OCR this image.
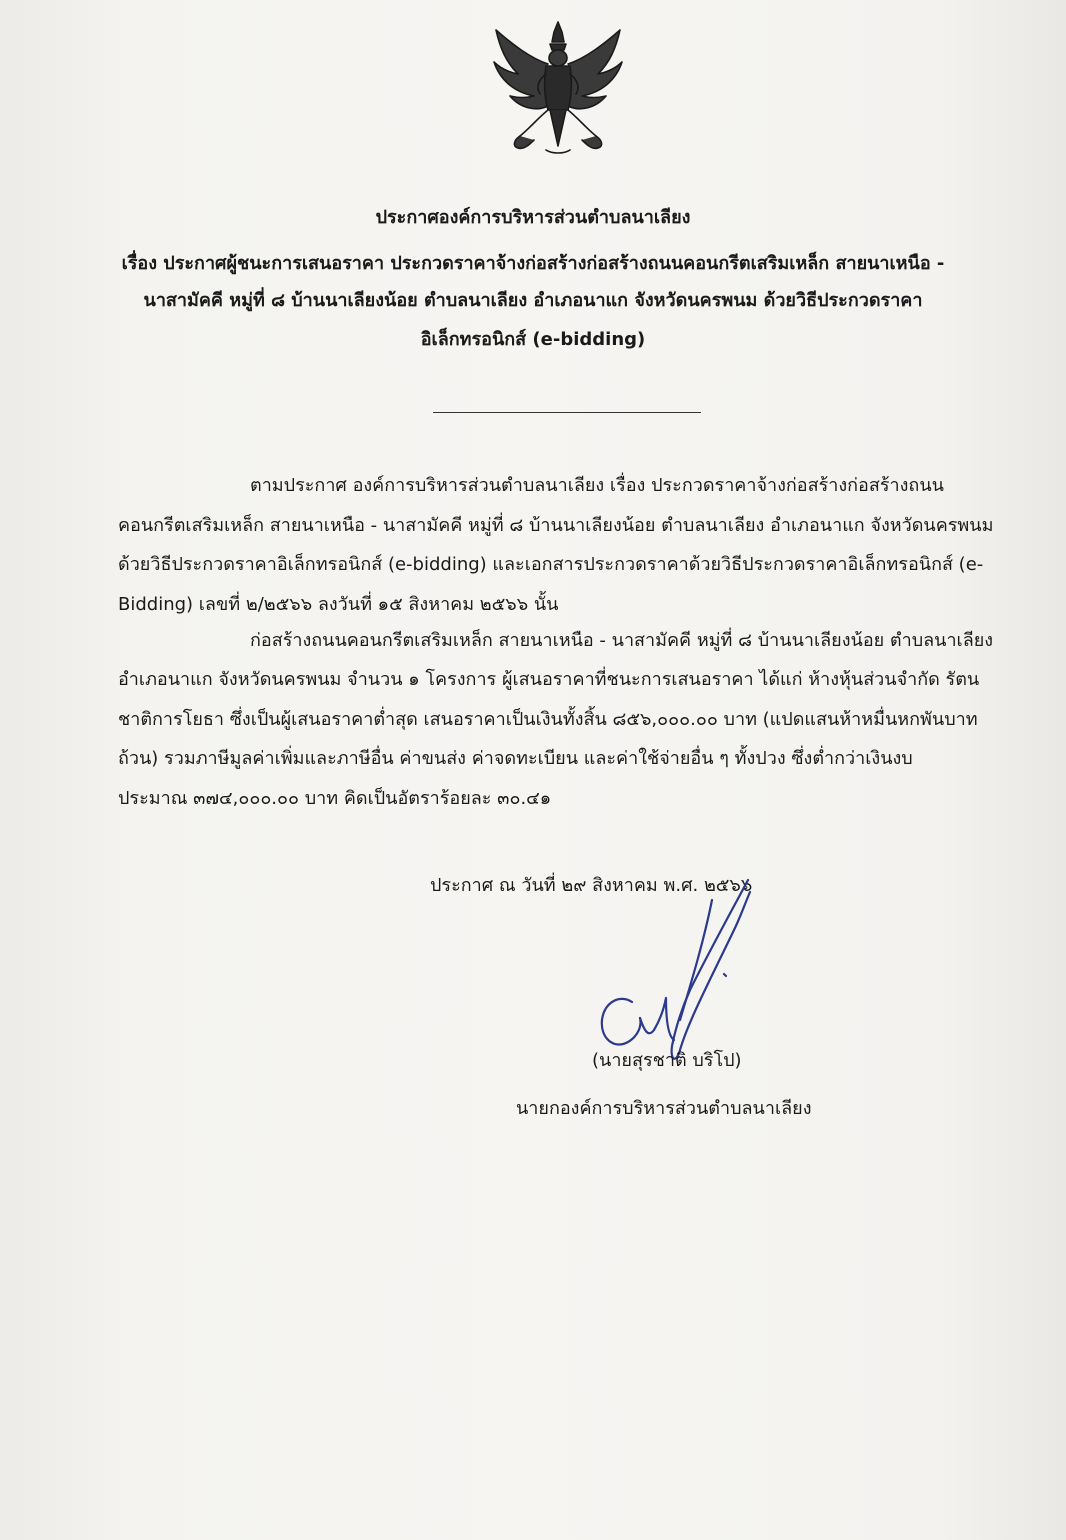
ประกาศองค์การบริหารส่วนตำบลนาเลียง
เรื่อง ประกาศผู้ชนะการเสนอราคา ประกวดราคาจ้างก่อสร้างก่อสร้างถนนคอนกรีตเสริมเหล็ก สายนาเหนือ -
นาสามัคคี หมู่ที่ ๘ บ้านนาเลียงน้อย ตำบลนาเลียง อำเภอนาแก จังหวัดนครพนม ด้วยวิธีประกวดราคา
อิเล็กทรอนิกส์ (e-bidding)
ตามประกาศ องค์การบริหารส่วนตำบลนาเลียง เรื่อง ประกวดราคาจ้างก่อสร้างก่อสร้างถนน
คอนกรีตเสริมเหล็ก สายนาเหนือ - นาสามัคคี หมู่ที่ ๘ บ้านนาเลียงน้อย ตำบลนาเลียง อำเภอนาแก จังหวัดนครพนม
ด้วยวิธีประกวดราคาอิเล็กทรอนิกส์ (e-bidding) และเอกสารประกวดราคาด้วยวิธีประกวดราคาอิเล็กทรอนิกส์ (e-
Bidding) เลขที่ ๒/๒๕๖๖ ลงวันที่ ๑๕ สิงหาคม ๒๕๖๖ นั้น
ก่อสร้างถนนคอนกรีตเสริมเหล็ก สายนาเหนือ - นาสามัคคี หมู่ที่ ๘ บ้านนาเลียงน้อย ตำบลนาเลียง
อำเภอนาแก จังหวัดนครพนม จำนวน ๑ โครงการ ผู้เสนอราคาที่ชนะการเสนอราคา ได้แก่ ห้างหุ้นส่วนจำกัด รัตน
ชาติการโยธา ซึ่งเป็นผู้เสนอราคาต่ำสุด เสนอราคาเป็นเงินทั้งสิ้น ๘๕๖,๐๐๐.๐๐ บาท (แปดแสนห้าหมื่นหกพันบาท
ถ้วน) รวมภาษีมูลค่าเพิ่มและภาษีอื่น ค่าขนส่ง ค่าจดทะเบียน และค่าใช้จ่ายอื่น ๆ ทั้งปวง ซึ่งต่ำกว่าเงินงบ
ประมาณ ๓๗๔,๐๐๐.๐๐ บาท คิดเป็นอัตราร้อยละ ๓๐.๔๑
ประกาศ ณ วันที่ ๒๙ สิงหาคม พ.ศ. ๒๕๖๖
(นายสุรชาติ บริโป)
นายกองค์การบริหารส่วนตำบลนาเลียง
